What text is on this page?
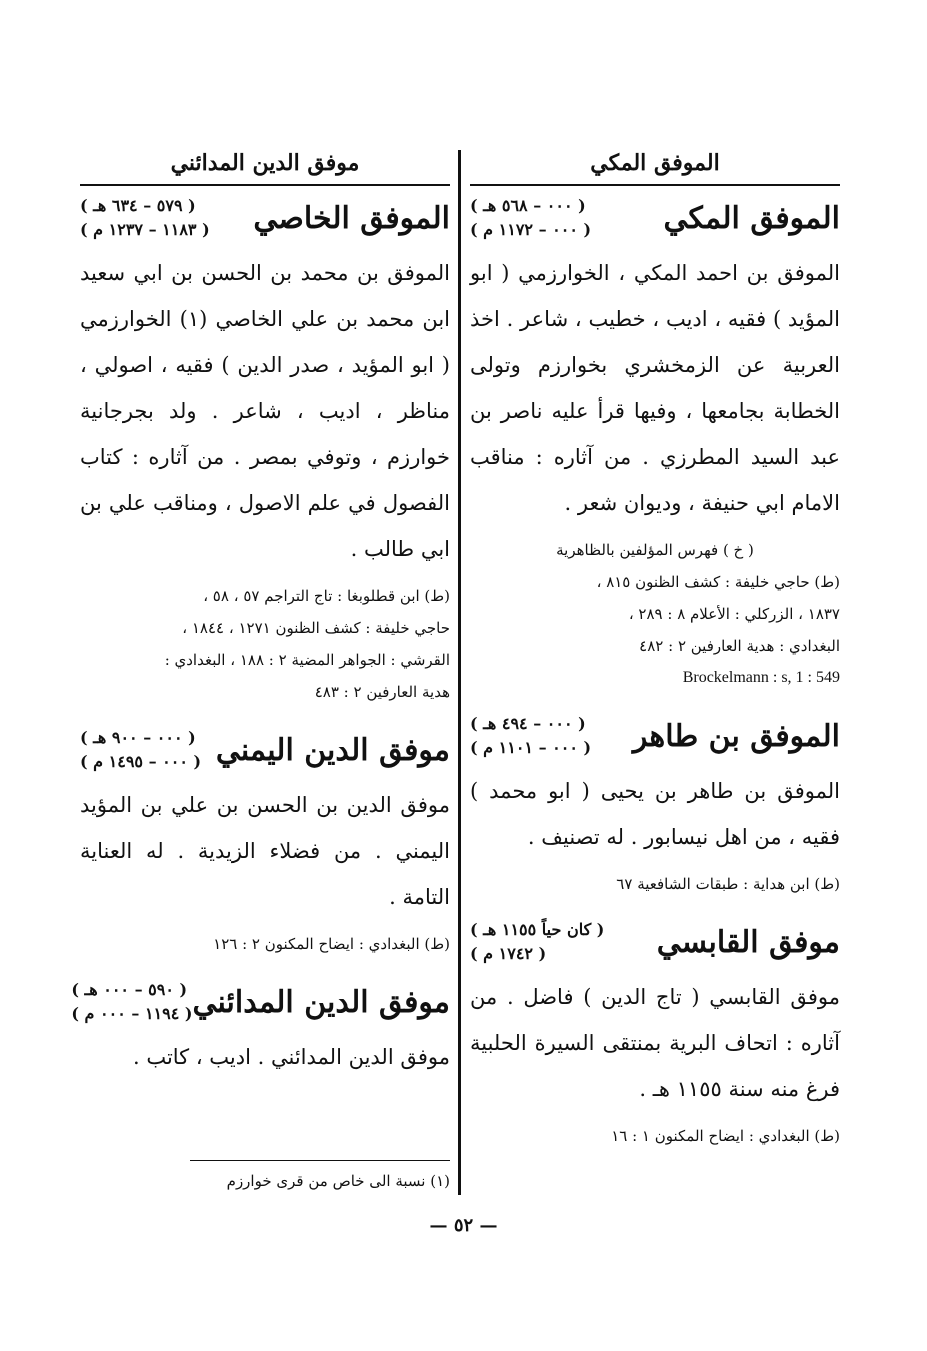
الموفق المكي
الموفق المكي
( ٠٠٠ – ٥٦٨ هـ )
( ٠٠٠ – ١١٧٢ م )
الموفق بن احمد المكي ، الخوارزمي ( ابو المؤيد ) فقيه ، اديب ، خطيب ، شاعر . اخذ العربية عن الزمخشري بخوارزم وتولى الخطابة بجامعها ، وفيها قرأ عليه ناصر بن عبد السيد المطرزي . من آثاره : مناقب الامام ابي حنيفة ، وديوان شعر .
( خ ) فهرس المؤلفين بالظاهرية
(ط) حاجي خليفة : كشف الظنون ٨١٥ ،
١٨٣٧ ، الزركلي : الأعلام ٨ : ٢٨٩ ،
البغدادي : هدية العارفين ٢ : ٤٨٢
Brockelmann : s, 1 : 549
الموفق بن طاهر
( ٠٠٠ – ٤٩٤ هـ )
( ٠٠٠ – ١١٠١ م )
الموفق بن طاهر بن يحيى ( ابو محمد ) فقيه ، من اهل نيسابور . له تصنيف .
(ط) ابن هداية : طبقات الشافعية ٦٧
موفق القابسي
( كان حياً ١١٥٥ هـ )
( ١٧٤٢ م )
موفق القابسي ( تاج الدين ) فاضل . من آثاره : اتحاف البرية بمنتقى السيرة الحلبية فرغ منه سنة ١١٥٥ هـ .
(ط) البغدادي : ايضاح المكنون ١ : ١٦
موفق الدين المدائني
الموفق الخاصي
( ٥٧٩ – ٦٣٤ هـ )
( ١١٨٣ – ١٢٣٧ م )
الموفق بن محمد بن الحسن بن ابي سعيد ابن محمد بن علي الخاصي (١) الخوارزمي ( ابو المؤيد ، صدر الدين ) فقيه ، اصولي ، مناظر ، اديب ، شاعر . ولد بجرجانية خوارزم ، وتوفي بمصر . من آثاره : كتاب الفصول في علم الاصول ، ومناقب علي بن ابي طالب .
(ط) ابن قطلوبغا : تاج التراجم ٥٧ ، ٥٨ ،
حاجي خليفة : كشف الظنون ١٢٧١ ، ١٨٤٤ ،
القرشي : الجواهر المضية ٢ : ١٨٨ ، البغدادي :
هدية العارفين ٢ : ٤٨٣
موفق الدين اليمني
( ٠٠٠ – ٩٠٠ هـ )
( ٠٠٠ – ١٤٩٥ م )
موفق الدين بن الحسن بن علي بن المؤيد اليمني . من فضلاء الزيدية . له العناية التامة .
(ط) البغدادي : ايضاح المكنون ٢ : ١٢٦
موفق الدين المدائني
( ٥٩٠ – ٠٠٠ هـ )
( ١١٩٤ – ٠٠٠ م )
موفق الدين المدائني . اديب ، كاتب .
(١) نسبة الى خاص من قرى خوارزم
— ٥٢ —
